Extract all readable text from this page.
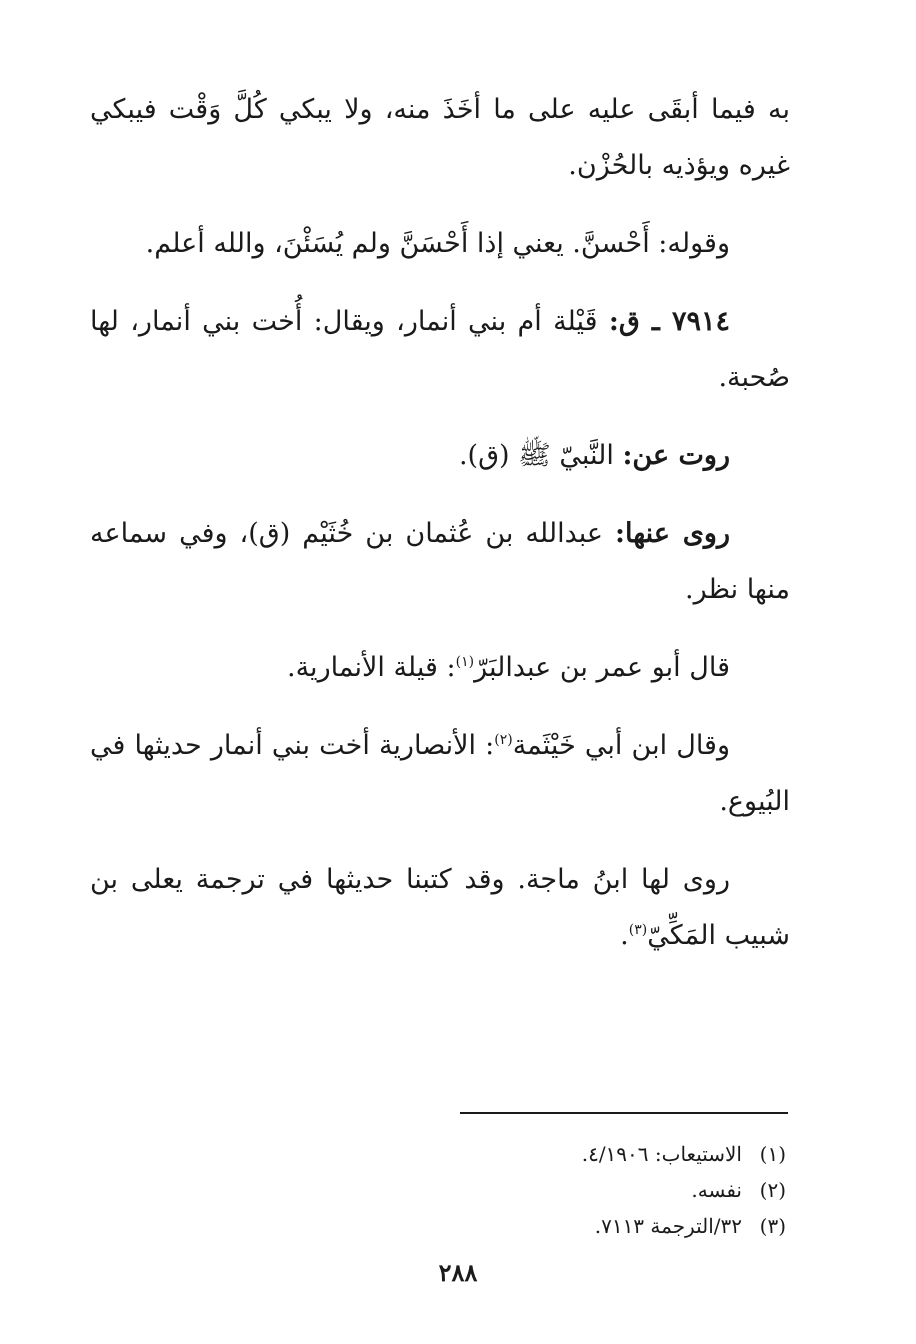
به فيما أبقَى عليه على ما أخَذَ منه، ولا يبكي كُلَّ وَقْت فيبكي غيره ويؤذيه بالحُزْن.

وقوله: أَحْسنَّ. يعني إذا أَحْسَنَّ ولم يُسَئْنَ، والله أعلم.

٧٩١٤ ـ ق: قَيْلة أم بني أنمار، ويقال: أُخت بني أنمار، لها صُحبة.

روت عن: النَّبيّ ﷺ (ق).

روى عنها: عبدالله بن عُثمان بن خُثَيْم (ق)، وفي سماعه منها نظر.

قال أبو عمر بن عبدالبَرّ$^{(١)}$: قيلة الأنمارية.

وقال ابن أبي خَيْثَمة$^{(٢)}$: الأنصارية أخت بني أنمار حديثها في البُيوع.

روى لها ابنُ ماجة. وقد كتبنا حديثها في ترجمة يعلى بن شبيب المَكِّيّ$^{(٣)}$.

(١)الاستيعاب: ٤/١٩٠٦.

(٢)نفسه.

(٣)٣٢/الترجمة ٧١١٣.

٢٨٨
